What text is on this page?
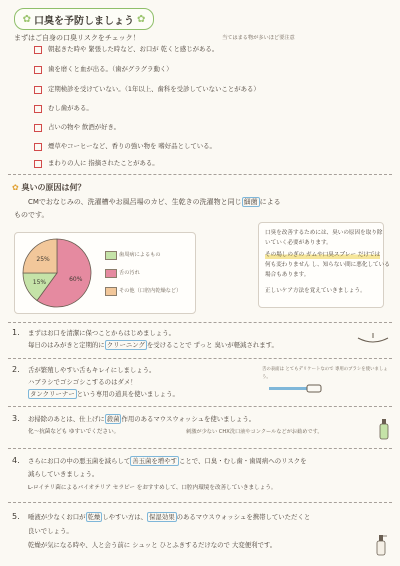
✿ 口臭を予防しましょう ✿
まずはご自身の口臭リスクをチェック！	当てはまる物が多いほど要注意
朝起きた時や 緊張した時など、お口が 乾くと感じがある。
歯を磨くと血が出る。（歯がグラグラ動く）
定期検診を受けていない。（1年以上、歯科を受診していないことがある）
むし歯がある。
占いの物や 飲酒が好き。
煙草やコーヒーなど、香りの強い物を 嗜好品としている。
まわりの人に 指摘されたことがある。
✿ 臭いの原因は何？
CMでおなじみの、洗濯槽やお風呂場のカビ、生乾きの洗濯物と同じ 細菌 による
ものです。
60%
15%
25%
歯周病によるもの
舌の汚れ
その他（口腔内乾燥など）
口臭を改善するためには、臭いの原因を取り除
いていく必要があります。
その場しのぎの ガムや口臭スプレー だけでは
何も変わりません し、知らない間に悪化している
場合もあります。
正しいケア方法を覚えていきましょう。
1. まずはお口を清潔に保つことからはじめましょう。
毎日のはみがきと定期的に クリーニング を受けることで ずっと 臭いが軽減されます。
2. 舌が繁殖しやすい舌もキレイにしましょう。
ハブラシでゴシゴシこするのはダメ！
タンクリーナー という専用の道具を使いましょう。
舌の表面は とてもデリケートなので 専用のブラシを使いましょう。
3. お掃除のあとは、仕上げに 殺菌 作用のあるマウスウォッシュを使いましょう。
化～抗菌なども ゆすいでください。	刺激が少ない CHX洗口液やコンクールなどがお勧めです。
4. さらにお口の中の悪玉菌を減らして 善玉菌を増やす ことで、口臭・むし歯・歯周病へのリスクを
減らしていきましょう。
L-ロイテリ菌によるバイオテリア セラピー をおすすめして、口腔内環境を改善していきましょう。
5. 唾液が少なくお口が 乾燥 しやすい方は、 保湿効果 のあるマウスウォッシュを携帯していただくと
良いでしょう。
乾燥が気になる時や、人と会う前に シュッと ひとふきするだけなので 大変便利です。
